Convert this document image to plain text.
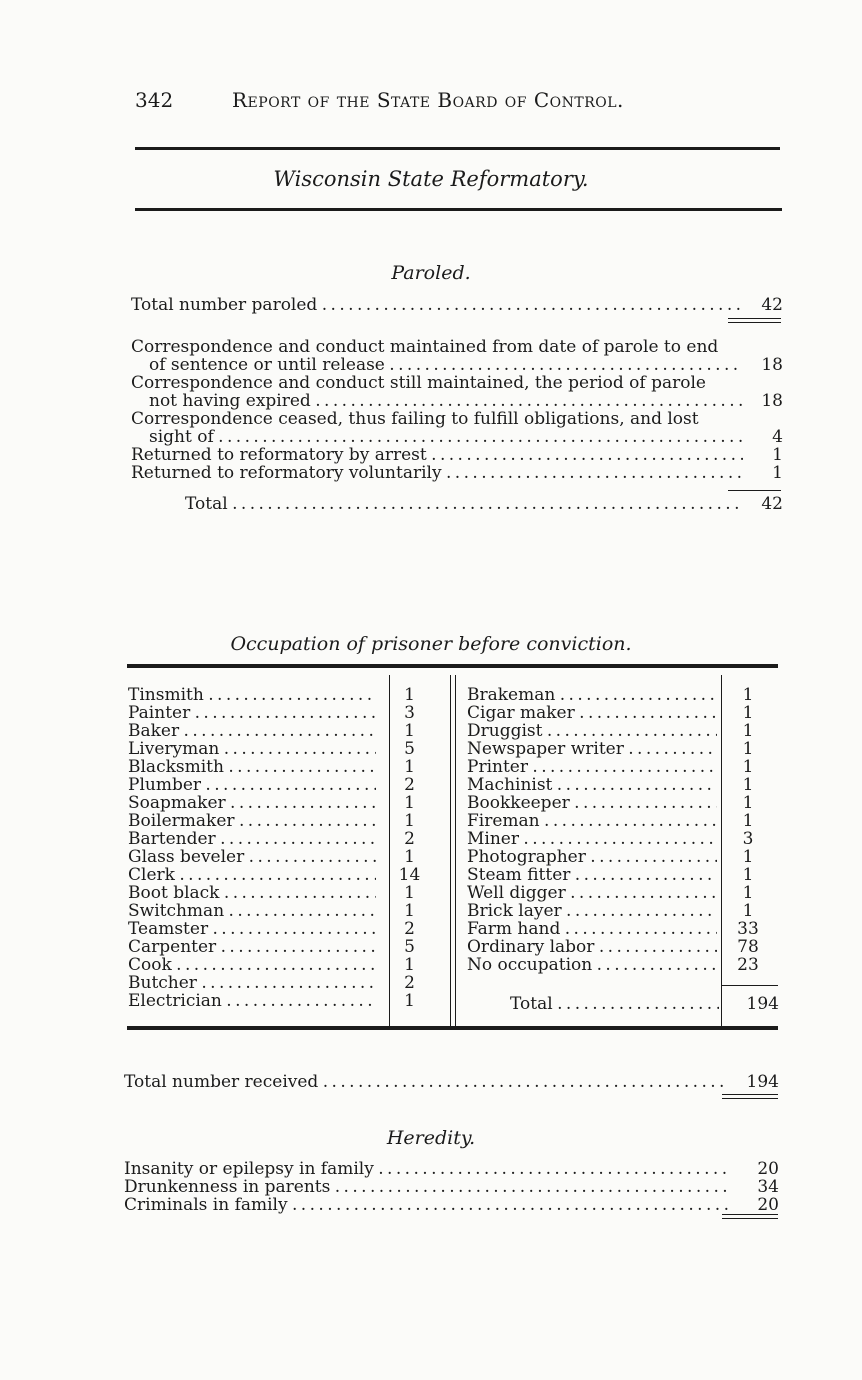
342	Report of the State Board of Control.
Wisconsin State Reformatory.
Paroled.
Total number paroled . . .	42
Correspondence and conduct maintained from date of parole to end
of sentence or until release . . .	18
Correspondence and conduct still maintained, the period of parole
not having expired . . .	18
Correspondence ceased, thus failing to fulfill obligations, and lost
sight of . . .	4
Returned to reformatory by arrest . . .	1
Returned to reformatory voluntarily . . .	1
Total . . .	42
Occupation of prisoner before conviction.
Tinsmith . . .	1
Painter . . .	3
Baker . . .	1
Liveryman . . .	5
Blacksmith . . .	1
Plumber . . .	2
Soapmaker . . .	1
Boilermaker . . .	1
Bartender . . .	2
Glass beveler . . .	1
Clerk . . .	14
Boot black . . .	1
Switchman . . .	1
Teamster . . .	2
Carpenter . . .	5
Cook . . .	1
Butcher . . .	2
Electrician . . .	1
Brakeman . . .	1
Cigar maker . . .	1
Druggist . . .	1
Newspaper writer . . .	1
Printer . . .	1
Machinist . . .	1
Bookkeeper . . .	1
Fireman . . .	1
Miner . . .	3
Photographer . . .	1
Steam fitter . . .	1
Well digger . . .	1
Brick layer . . .	1
Farm hand . . .	33
Ordinary labor . . .	78
No occupation . . .	23
Total . . .	194
Total number received . . .	194
Heredity.
Insanity or epilepsy in family . . .	20
Drunkenness in parents . . .	34
Criminals in family . . .	20
